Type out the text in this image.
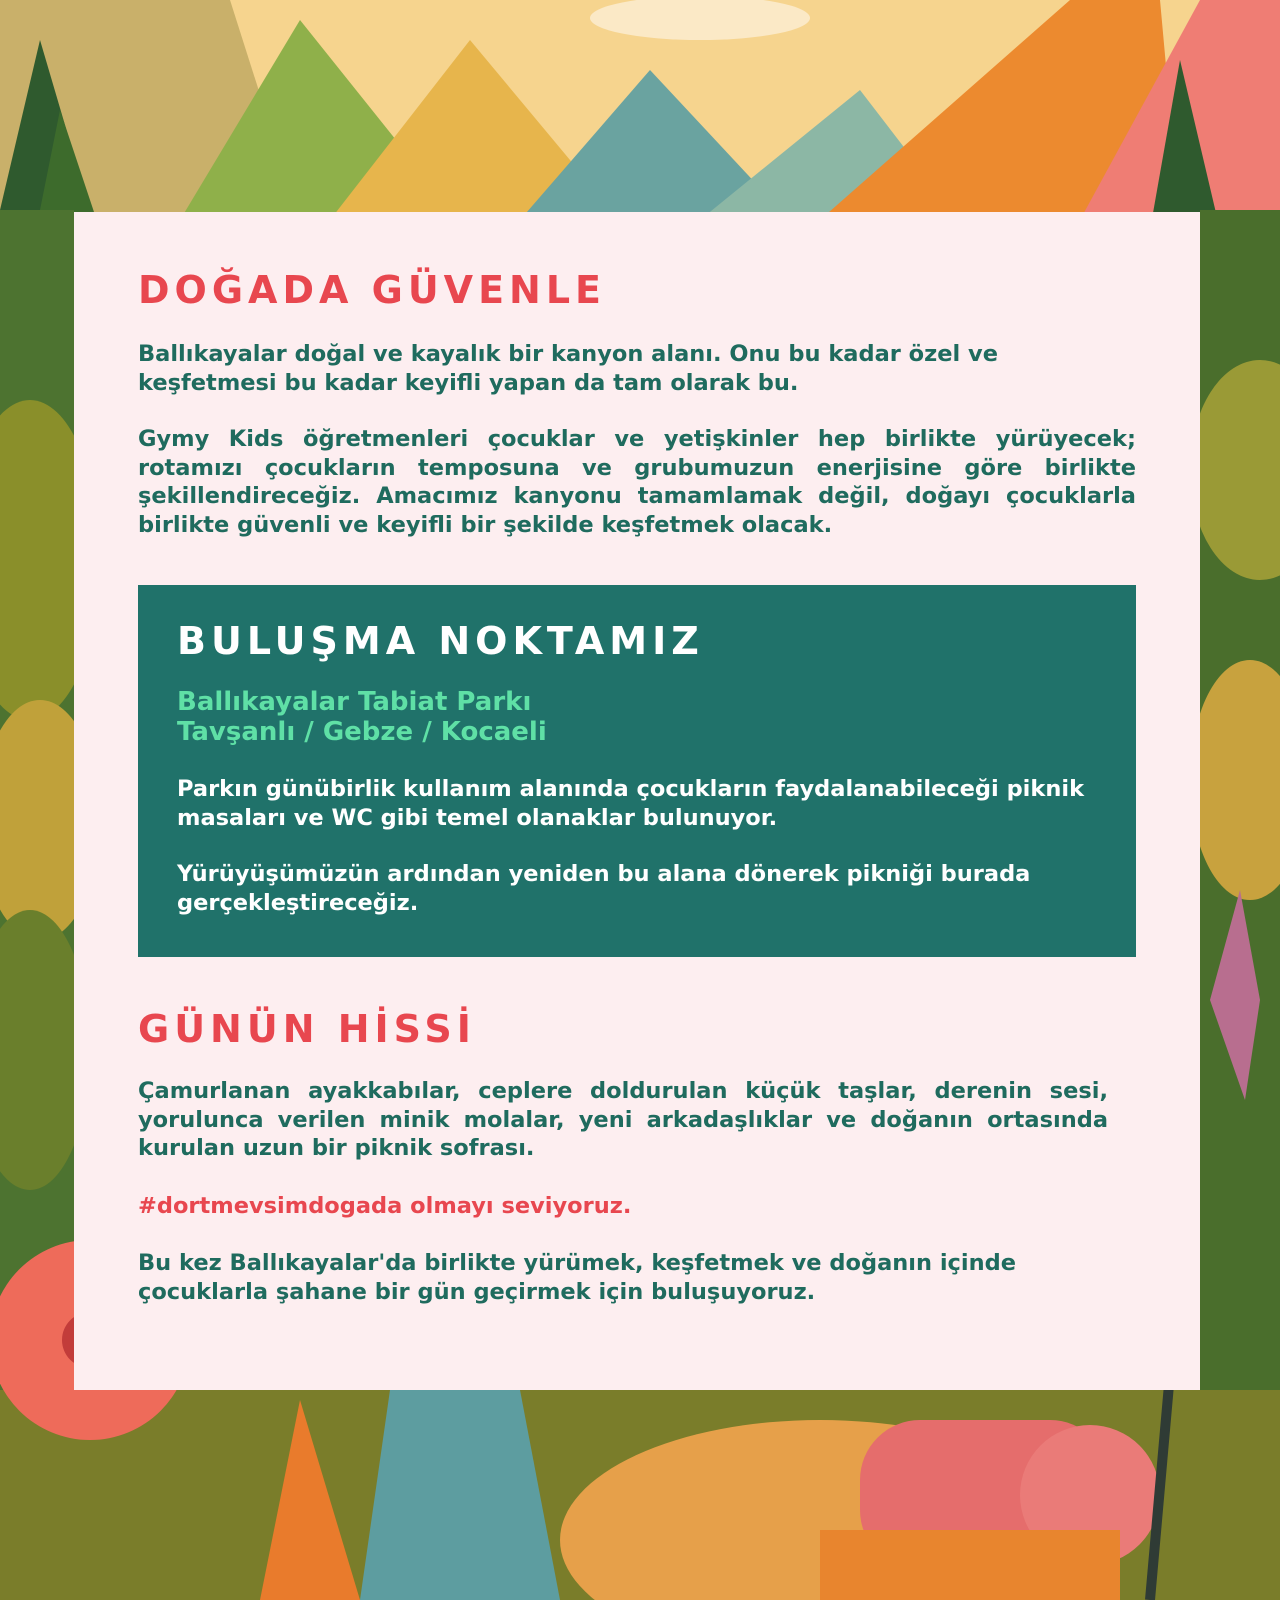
DOĞADA GÜVENLE

Ballıkayalar doğal ve kayalık bir kanyon alanı. Onu bu kadar özel ve keşfetmesi bu kadar keyifli yapan da tam olarak bu.

Gymy Kids öğretmenleri çocuklar ve yetişkinler hep birlikte yürüyecek; rotamızı çocukların temposuna ve grubumuzun enerjisine göre birlikte şekillendireceğiz. Amacımız kanyonu tamamlamak değil, doğayı çocuklarla birlikte güvenli ve keyifli bir şekilde keşfetmek olacak.

BULUŞMA NOKTAMIZ
Ballıkayalar Tabiat Parkı
Tavşanlı / Gebze / Kocaeli

Parkın günübirlik kullanım alanında çocukların faydalanabileceği piknik masaları ve WC gibi temel olanaklar bulunuyor.

Yürüyüşümüzün ardından yeniden bu alana dönerek pikniği burada gerçekleştireceğiz.

GÜNÜN HİSSİ

Çamurlanan ayakkabılar, ceplere doldurulan küçük taşlar, derenin sesi, yorulunca verilen minik molalar, yeni arkadaşlıklar ve doğanın ortasında kurulan uzun bir piknik sofrası.

#dortmevsimdogada olmayı seviyoruz.

Bu kez Ballıkayalar'da birlikte yürümek, keşfetmek ve doğanın içinde çocuklarla şahane bir gün geçirmek için buluşuyoruz.
